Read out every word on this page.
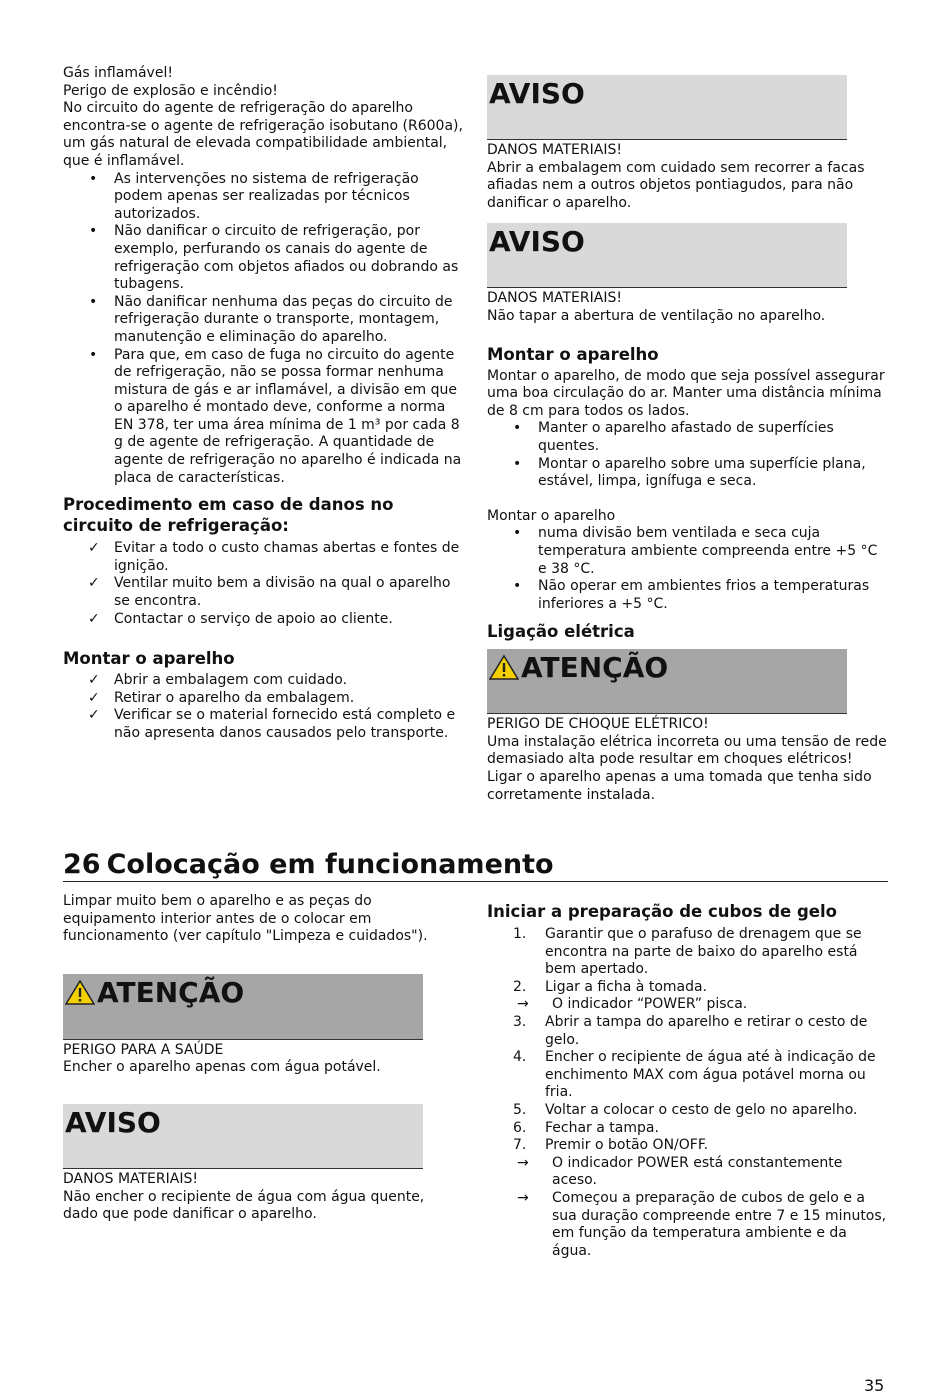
Gás inflamável!

Perigo de explosão e incêndio!

No circuito do agente de refrigeração do aparelho encontra-se o agente de refrigeração isobutano (R600a), um gás natural de elevada compatibilidade ambiental, que é inflamável.

• As intervenções no sistema de refrigeração podem apenas ser realizadas por técnicos autorizados.
• Não danificar o circuito de refrigeração, por exemplo, perfurando os canais do agente de refrigeração com objetos afiados ou dobrando as tubagens.
• Não danificar nenhuma das peças do circuito de refrigeração durante o transporte, montagem, manutenção e eliminação do aparelho.
• Para que, em caso de fuga no circuito do agente de refrigeração, não se possa formar nenhuma mistura de gás e ar inflamável, a divisão em que o aparelho é montado deve, conforme a norma EN 378, ter uma área mínima de 1 m³ por cada 8 g de agente de refrigeração. A quantidade de agente de refrigeração no aparelho é indicada na placa de características.
Procedimento em caso de danos no circuito de refrigeração:
✓ Evitar a todo o custo chamas abertas e fontes de ignição.
✓ Ventilar muito bem a divisão na qual o aparelho se encontra.
✓ Contactar o serviço de apoio ao cliente.
Montar o aparelho
✓ Abrir a embalagem com cuidado.
✓ Retirar o aparelho da embalagem.
✓ Verificar se o material fornecido está completo e não apresenta danos causados pelo transporte.
AVISO

DANOS MATERIAIS!

Abrir a embalagem com cuidado sem recorrer a facas afiadas nem a outros objetos pontiagudos, para não danificar o aparelho.

AVISO

DANOS MATERIAIS!

Não tapar a abertura de ventilação no aparelho.

Montar o aparelho

Montar o aparelho, de modo que seja possível assegurar uma boa circulação do ar. Manter uma distância mínima de 8 cm para todos os lados.

• Manter o aparelho afastado de superfícies quentes.
• Montar o aparelho sobre uma superfície plana, estável, limpa, ignífuga e seca.

Montar o aparelho

• numa divisão bem ventilada e seca cuja temperatura ambiente compreenda entre +5 °C e 38 °C.
• Não operar em ambientes frios a temperaturas inferiores a +5 °C.
Ligação elétrica
ATENÇÃO

PERIGO DE CHOQUE ELÉTRICO!

Uma instalação elétrica incorreta ou uma tensão de rede demasiado alta pode resultar em choques elétricos!

Ligar o aparelho apenas a uma tomada que tenha sido corretamente instalada.

26 Colocação em funcionamento

Limpar muito bem o aparelho e as peças do equipamento interior antes de o colocar em funcionamento (ver capítulo "Limpeza e cuidados").

ATENÇÃO

PERIGO PARA A SAÚDE

Encher o aparelho apenas com água potável.

AVISO

DANOS MATERIAIS!

Não encher o recipiente de água com água quente, dado que pode danificar o aparelho.

Iniciar a preparação de cubos de gelo
1. Garantir que o parafuso de drenagem que se encontra na parte de baixo do aparelho está bem apertado.
2. Ligar a ficha à tomada.
→ O indicador “POWER” pisca.
3. Abrir a tampa do aparelho e retirar o cesto de gelo.
4. Encher o recipiente de água até à indicação de enchimento MAX com água potável morna ou fria.
5. Voltar a colocar o cesto de gelo no aparelho.
6. Fechar a tampa.
7. Premir o botão ON/OFF.
→ O indicador POWER está constantemente aceso.
→ Começou a preparação de cubos de gelo e a sua duração compreende entre 7 e 15 minutos, em função da temperatura ambiente e da água.
35
